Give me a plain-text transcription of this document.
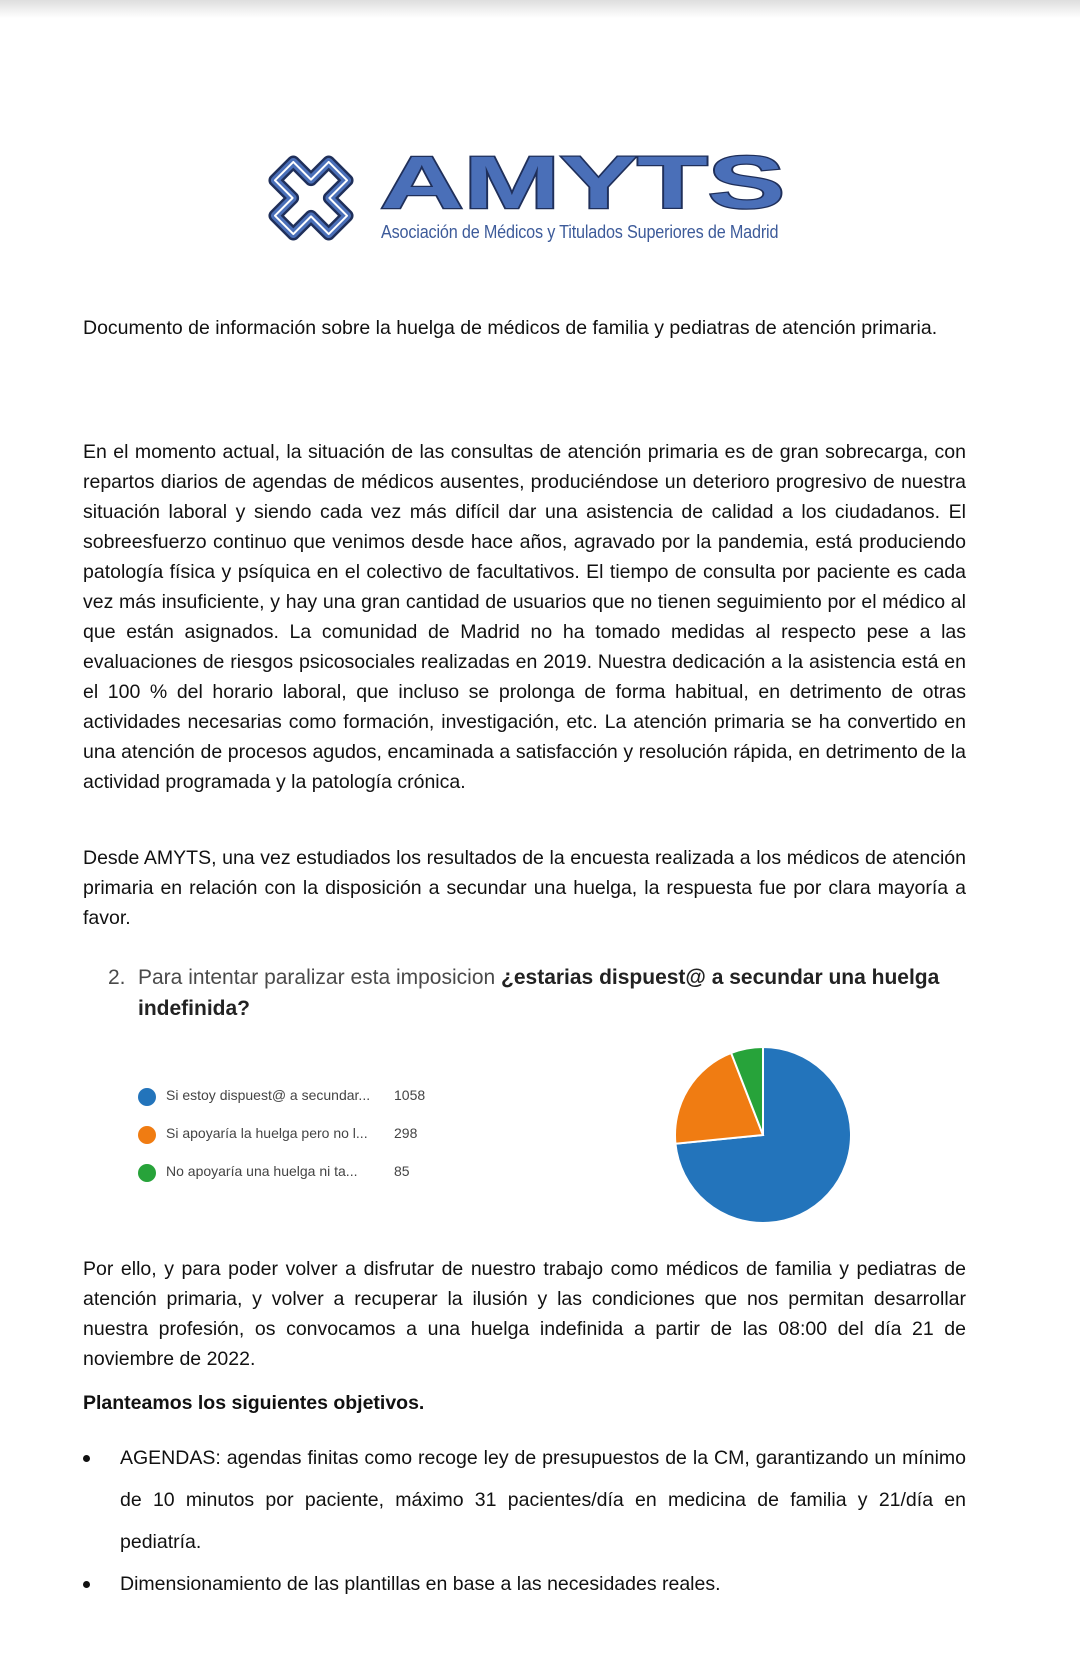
AMYTS
Asociación de Médicos y Titulados Superiores de Madrid

Documento de información sobre la huelga de médicos de familia y pediatras de atención primaria.

En el momento actual, la situación de las consultas de atención primaria es de gran sobrecarga, con repartos diarios de agendas de médicos ausentes, produciéndose un deterioro progresivo de nuestra situación laboral y siendo cada vez más difícil dar una asistencia de calidad a los ciudadanos. El sobreesfuerzo continuo que venimos desde hace años, agravado por la pandemia, está produciendo patología física y psíquica en el colectivo de facultativos. El tiempo de consulta por paciente es cada vez más insuficiente, y hay una gran cantidad de usuarios que no tienen seguimiento por el médico al que están asignados. La comunidad de Madrid no ha tomado medidas al respecto pese a las evaluaciones de riesgos psicosociales realizadas en 2019. Nuestra dedicación a la asistencia está en el 100 % del horario laboral, que incluso se prolonga de forma habitual, en detrimento de otras actividades necesarias como formación, investigación, etc. La atención primaria se ha convertido en una atención de procesos agudos, encaminada a satisfacción y resolución rápida, en detrimento de la actividad programada y la patología crónica.

Desde AMYTS, una vez estudiados los resultados de la encuesta realizada a los médicos de atención primaria en relación con la disposición a secundar una huelga, la respuesta fue por clara mayoría a favor.

2. Para intentar paralizar esta imposicion ¿estarias dispuest@ a secundar una huelga indefinida?
Si estoy dispuest@ a secundar... 1058
Si apoyaría la huelga pero no l... 298
No apoyaría una huelga ni ta...	85

Por ello, y para poder volver a disfrutar de nuestro trabajo como médicos de familia y pediatras de atención primaria, y volver a recuperar la ilusión y las condiciones que nos permitan desarrollar nuestra profesión, os convocamos a una huelga indefinida a partir de las 08:00 del día 21 de noviembre de 2022.

Planteamos los siguientes objetivos.

AGENDAS: agendas finitas como recoge ley de presupuestos de la CM, garantizando un mínimo de 10 minutos por paciente, máximo 31 pacientes/día en medicina de familia y 21/día en pediatría.
Dimensionamiento de las plantillas en base a las necesidades reales.
